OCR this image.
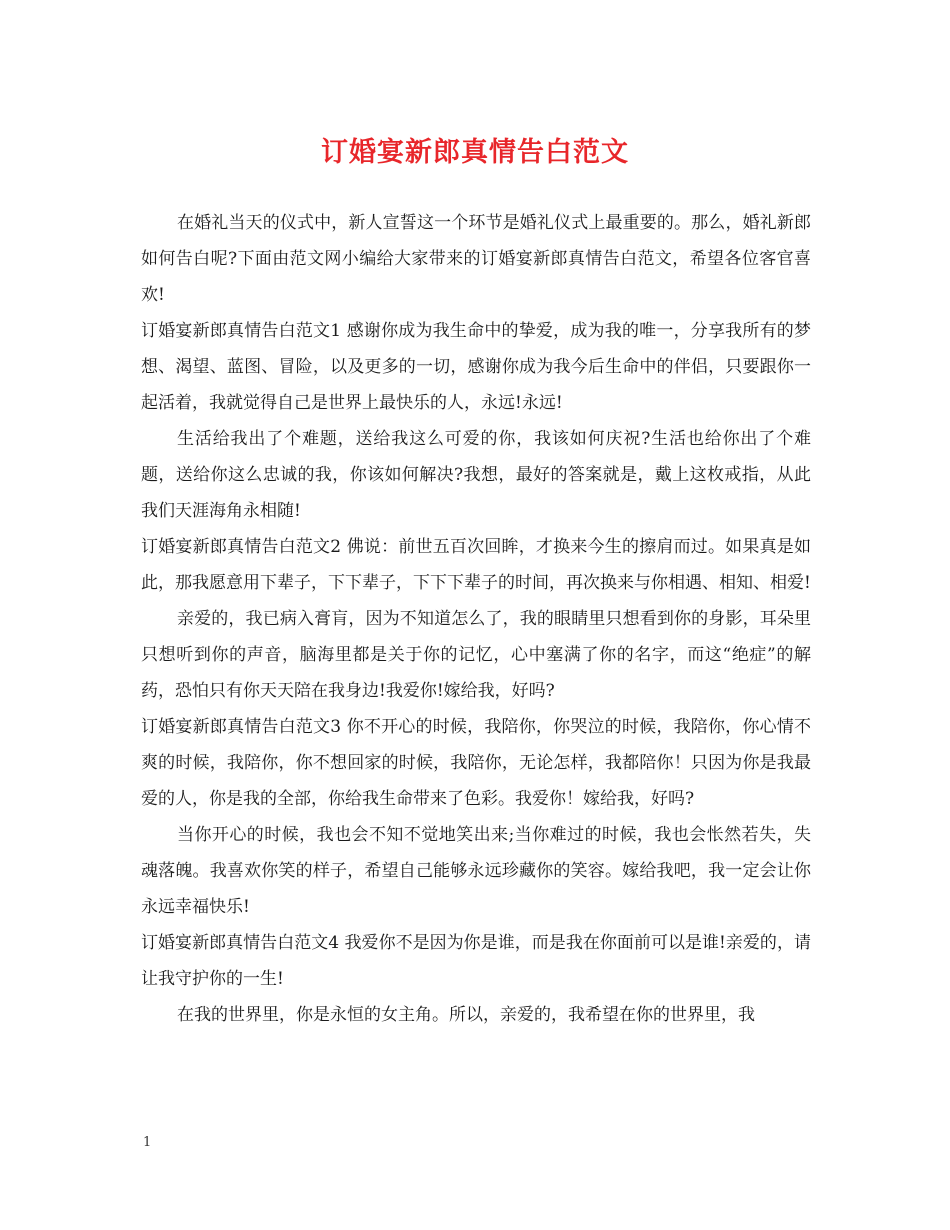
订婚宴新郎真情告白范文

在婚礼当天的仪式中，新人宣誓这一个环节是婚礼仪式上最重要的。那么，婚礼新郎如何告白呢?下面由范文网小编给大家带来的订婚宴新郎真情告白范文，希望各位客官喜欢!

订婚宴新郎真情告白范文1 感谢你成为我生命中的挚爱，成为我的唯一，分享我所有的梦想、渴望、蓝图、冒险，以及更多的一切，感谢你成为我今后生命中的伴侣，只要跟你一起活着，我就觉得自己是世界上最快乐的人，永远!永远!

生活给我出了个难题，送给我这么可爱的你，我该如何庆祝?生活也给你出了个难题，送给你这么忠诚的我，你该如何解决?我想，最好的答案就是，戴上这枚戒指，从此我们天涯海角永相随!

订婚宴新郎真情告白范文2 佛说：前世五百次回眸，才换来今生的擦肩而过。如果真是如此，那我愿意用下辈子，下下辈子，下下下辈子的时间，再次换来与你相遇、相知、相爱!

亲爱的，我已病入膏肓，因为不知道怎么了，我的眼睛里只想看到你的身影，耳朵里只想听到你的声音，脑海里都是关于你的记忆，心中塞满了你的名字，而这“绝症”的解药，恐怕只有你天天陪在我身边!我爱你!嫁给我，好吗?

订婚宴新郎真情告白范文3 你不开心的时候，我陪你，你哭泣的时候，我陪你，你心情不爽的时候，我陪你，你不想回家的时候，我陪你，无论怎样，我都陪你！只因为你是我最爱的人，你是我的全部，你给我生命带来了色彩。我爱你！嫁给我，好吗?

当你开心的时候，我也会不知不觉地笑出来;当你难过的时候，我也会怅然若失，失魂落魄。我喜欢你笑的样子，希望自己能够永远珍藏你的笑容。嫁给我吧，我一定会让你永远幸福快乐!

订婚宴新郎真情告白范文4 我爱你不是因为你是谁，而是我在你面前可以是谁!亲爱的，请让我守护你的一生!

在我的世界里，你是永恒的女主角。所以，亲爱的，我希望在你的世界里，我

1
